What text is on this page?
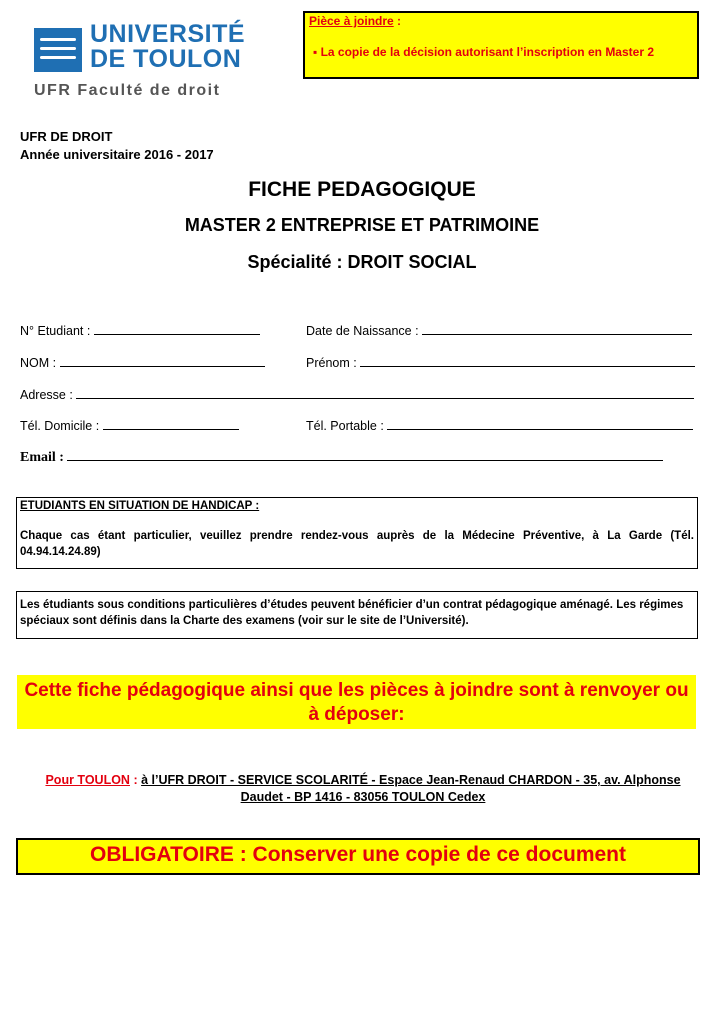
UNIVERSITÉ
DE TOULON
UFR Faculté de droit
Pièce à joindre :
▪ La copie de la décision autorisant l’inscription en Master 2
UFR DE DROIT
Année universitaire 2016 - 2017
FICHE PEDAGOGIQUE
MASTER 2 ENTREPRISE ET PATRIMOINE
Spécialité : DROIT SOCIAL
N° Etudiant :	Date de Naissance :
NOM :	Prénom :
Adresse :
Tél. Domicile :	Tél. Portable :
Email :
ETUDIANTS EN SITUATION DE HANDICAP :
Chaque cas étant particulier, veuillez prendre rendez-vous auprès de la Médecine Préventive, à La Garde (Tél. 04.94.14.24.89)
Les étudiants sous conditions particulières d’études peuvent bénéficier d’un contrat pédagogique aménagé. Les régimes spéciaux sont définis dans la Charte des examens (voir sur le site de l’Université).
Cette fiche pédagogique ainsi que les pièces à joindre sont à renvoyer ou à déposer:
Pour TOULON : à l’UFR DROIT - SERVICE SCOLARITÉ - Espace Jean-Renaud CHARDON - 35, av. Alphonse
Daudet - BP 1416 - 83056 TOULON Cedex
OBLIGATOIRE : Conserver une copie de ce document
